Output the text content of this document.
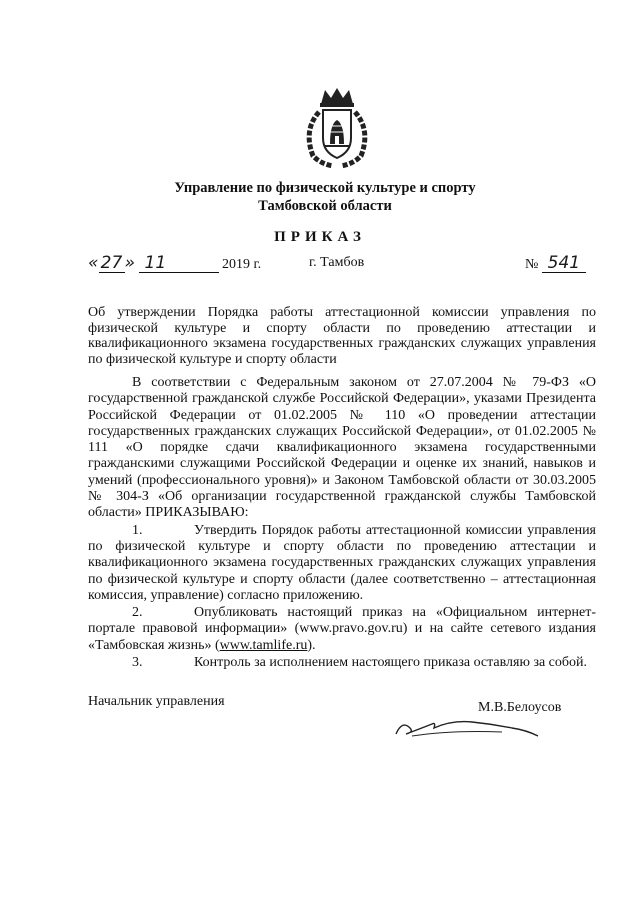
Управление по физической культуре и спорту
Тамбовской области
ПРИКАЗ
« 27 » 11	2019 г.	г. Тамбов	№ 541
Об утверждении Порядка работы аттестационной комиссии управления по физической культуре и спорту области по проведению аттестации и квалификационного экзамена государственных гражданских служащих управления по физической культуре и спорту области

В соответствии с Федеральным законом от 27.07.2004 № 79-ФЗ «О государственной гражданской службе Российской Федерации», указами Президента Российской Федерации от 01.02.2005 № 110 «О проведении аттестации государственных гражданских служащих Российской Федерации», от 01.02.2005 № 111 «О порядке сдачи квалификационного экзамена государственными гражданскими служащими Российской Федерации и оценке их знаний, навыков и умений (профессионального уровня)» и Законом Тамбовской области от 30.03.2005 № 304-З «Об организации государственной гражданской службы Тамбовской области» ПРИКАЗЫВАЮ:

1.	Утвердить Порядок работы аттестационной комиссии управления по физической культуре и спорту области по проведению аттестации и квалификационного экзамена государственных гражданских служащих управления по физической культуре и спорту области (далее соответственно – аттестационная комиссия, управление) согласно приложению.

2.	Опубликовать настоящий приказ на «Официальном интернет-портале правовой информации» (www.pravo.gov.ru) и на сайте сетевого издания «Тамбовская жизнь» (www.tamlife.ru).

3.	Контроль за исполнением настоящего приказа оставляю за собой.

Начальник управления	М.В.Белоусов
